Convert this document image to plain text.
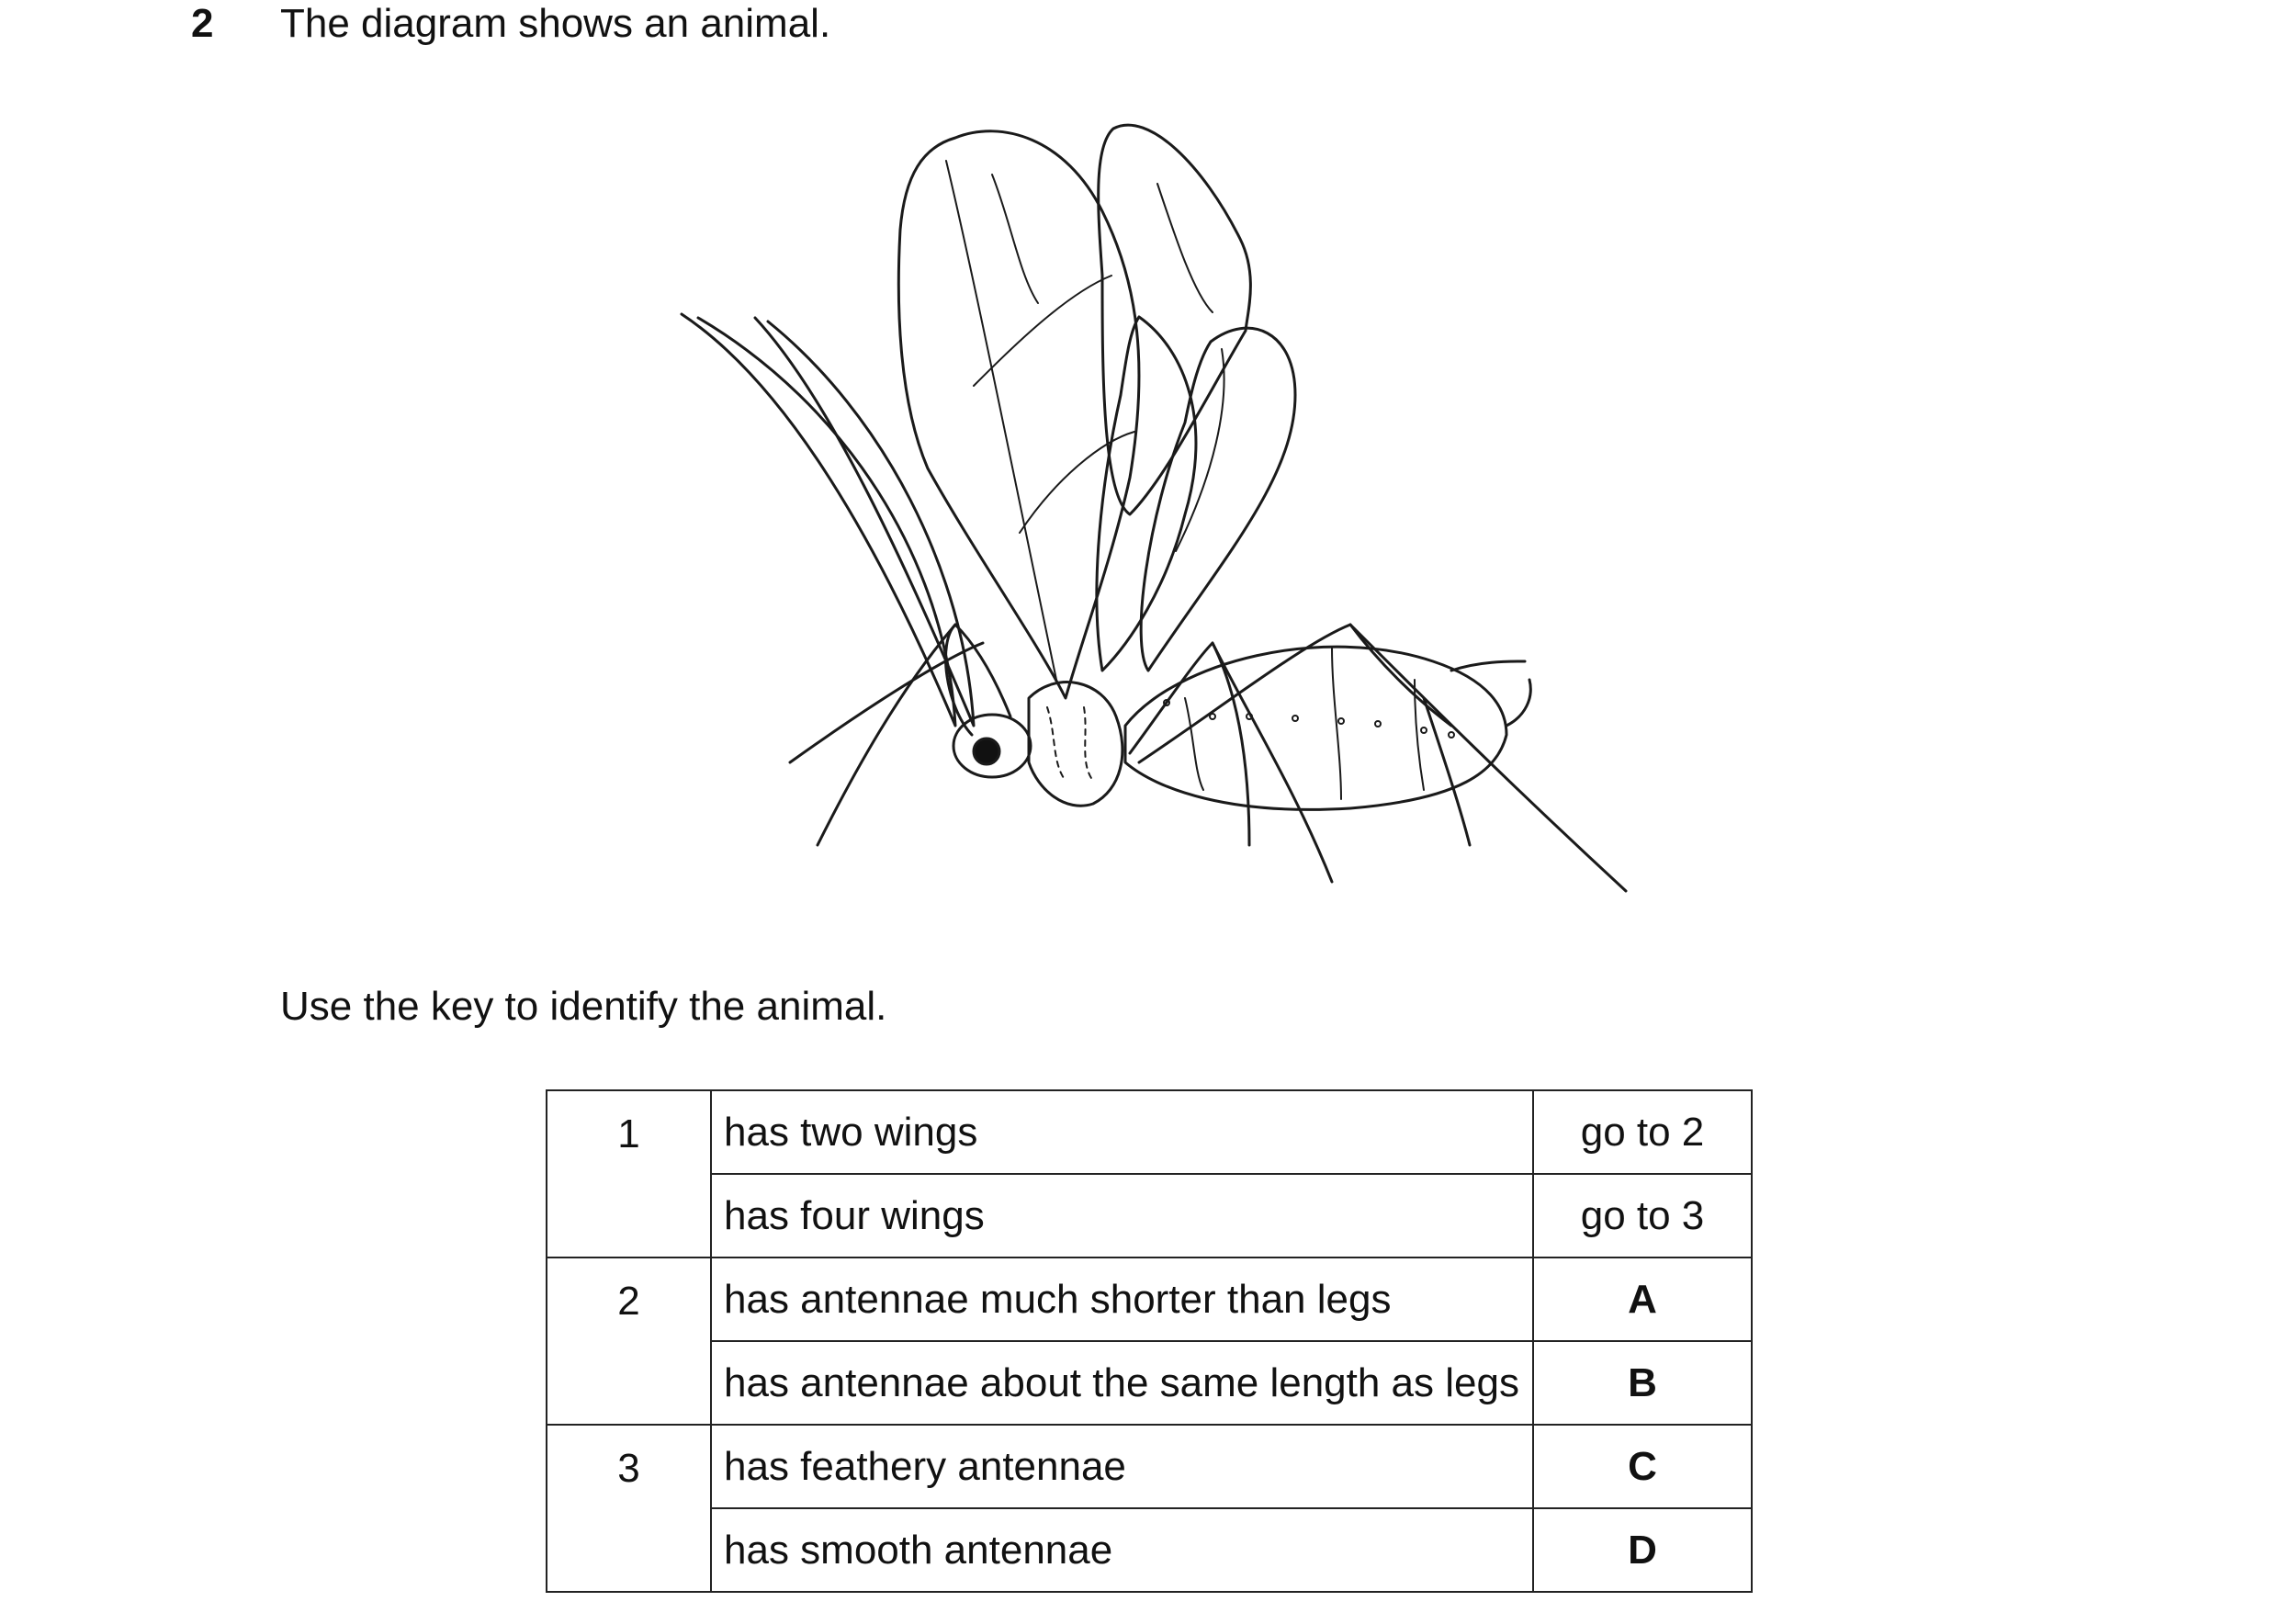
2 The diagram shows an animal.
Use the key to identify the animal.
1	has two wings	go to 2
	has four wings	go to 3
2	has antennae much shorter than legs	A
	has antennae about the same length as legs	B
3	has feathery antennae	C
	has smooth antennae	D
